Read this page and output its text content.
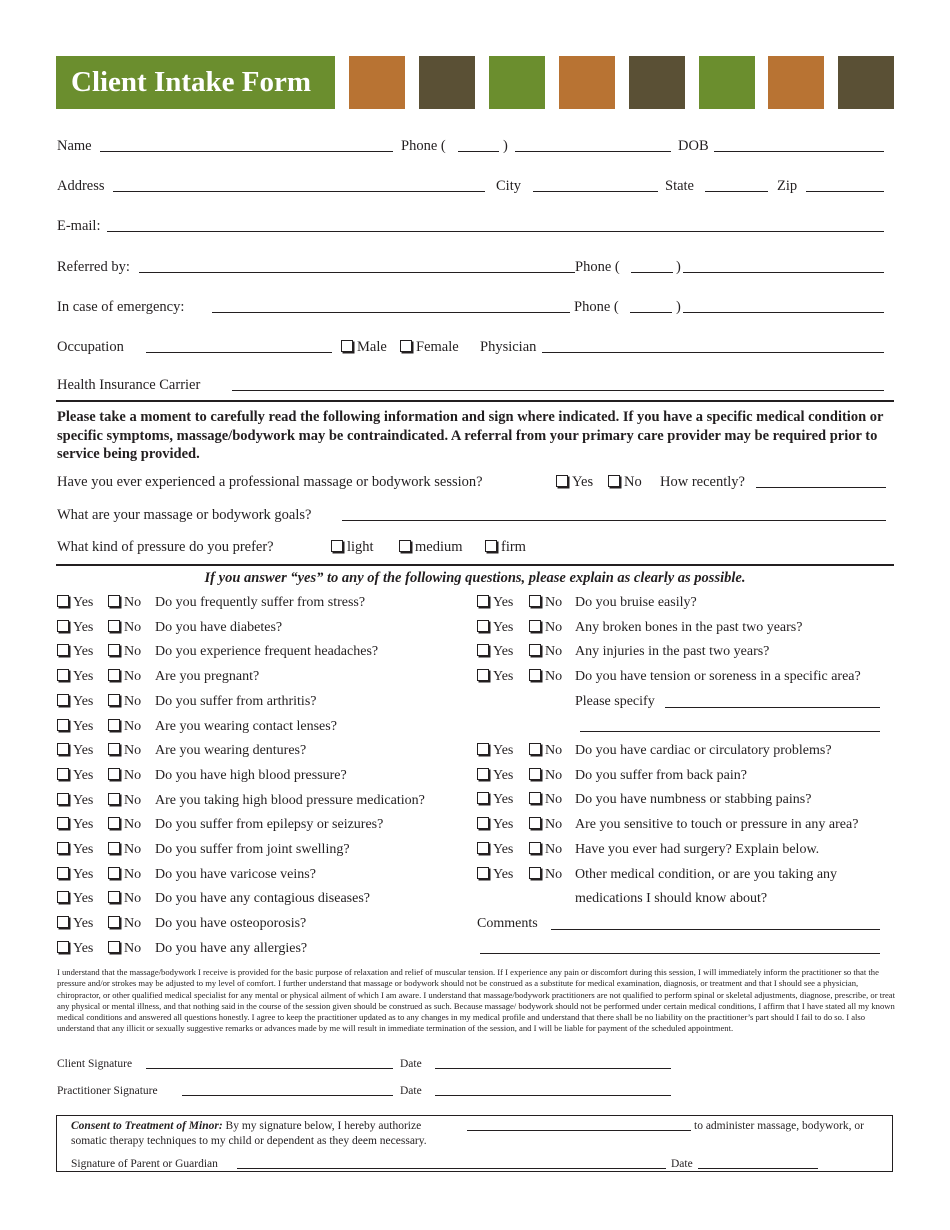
Client Intake Form
Name	Phone (	)	DOB
Address	City	State	Zip
E-mail:
Referred by:	Phone (	)
In case of emergency:	Phone (	)
Occupation	Male	Female Physician
Health Insurance Carrier
Please take a moment to carefully read the following information and sign where indicated. If you have a specific medical condition or specific symptoms, massage/bodywork may be contraindicated. A referral from your primary care provider may be required prior to service being provided.
Have you ever experienced a professional massage or bodywork session?	Yes	No How recently?
What are your massage or bodywork goals?
What kind of pressure do you prefer?	light	medium	firm
If you answer “yes” to any of the following questions, please explain as clearly as possible.
Yes	No Do you frequently suffer from stress?
Yes	No Do you have diabetes?
Yes	No Do you experience frequent headaches?
Yes	No Are you pregnant?
Yes	No Do you suffer from arthritis?
Yes	No Are you wearing contact lenses?
Yes	No Are you wearing dentures?
Yes	No Do you have high blood pressure?
Yes	No Are you taking high blood pressure medication?
Yes	No Do you suffer from epilepsy or seizures?
Yes	No Do you suffer from joint swelling?
Yes	No Do you have varicose veins?
Yes	No Do you have any contagious diseases?
Yes	No Do you have osteoporosis?
Yes	No Do you have any allergies?
Yes	No Do you bruise easily?
Yes	No Any broken bones in the past two years?
Yes	No Any injuries in the past two years?
Yes	No Do you have tension or soreness in a specific area?
Yes	No Do you have cardiac or circulatory problems?
Yes	No Do you suffer from back pain?
Yes	No Do you have numbness or stabbing pains?
Yes	No Are you sensitive to touch or pressure in any area?
Yes	No Have you ever had surgery? Explain below.
Yes	No Other medical condition, or are you taking any
Please specify
medications I should know about?
Comments
I understand that the massage/bodywork I receive is provided for the basic purpose of relaxation and relief of muscular tension. If I experience any pain or discomfort during this session, I will immediately inform the practitioner so that the pressure and/or strokes may be adjusted to my level of comfort. I further understand that massage or bodywork should not be construed as a substitute for medical examination, diagnosis, or treatment and that I should see a physician, chiropractor, or other qualified medical specialist for any mental or physical ailment of which I am aware. I understand that massage/bodywork practitioners are not qualified to perform spinal or skeletal adjustments, diagnose, prescribe, or treat any physical or mental illness, and that nothing said in the course of the session given should be construed as such. Because massage/ bodywork should not be performed under certain medical conditions, I affirm that I have stated all my known medical conditions and answered all questions honestly. I agree to keep the practitioner updated as to any changes in my medical profile and understand that there shall be no liability on the practitioner’s part should I fail to do so. I also understand that any illicit or sexually suggestive remarks or advances made by me will result in immediate termination of the session, and I will be liable for payment of the scheduled appointment.
Client Signature	Date
Practitioner Signature	Date
Consent to Treatment of Minor: By my signature below, I hereby authorize	to administer massage, bodywork, or
somatic therapy techniques to my child or dependent as they deem necessary.
Signature of Parent or Guardian	Date
